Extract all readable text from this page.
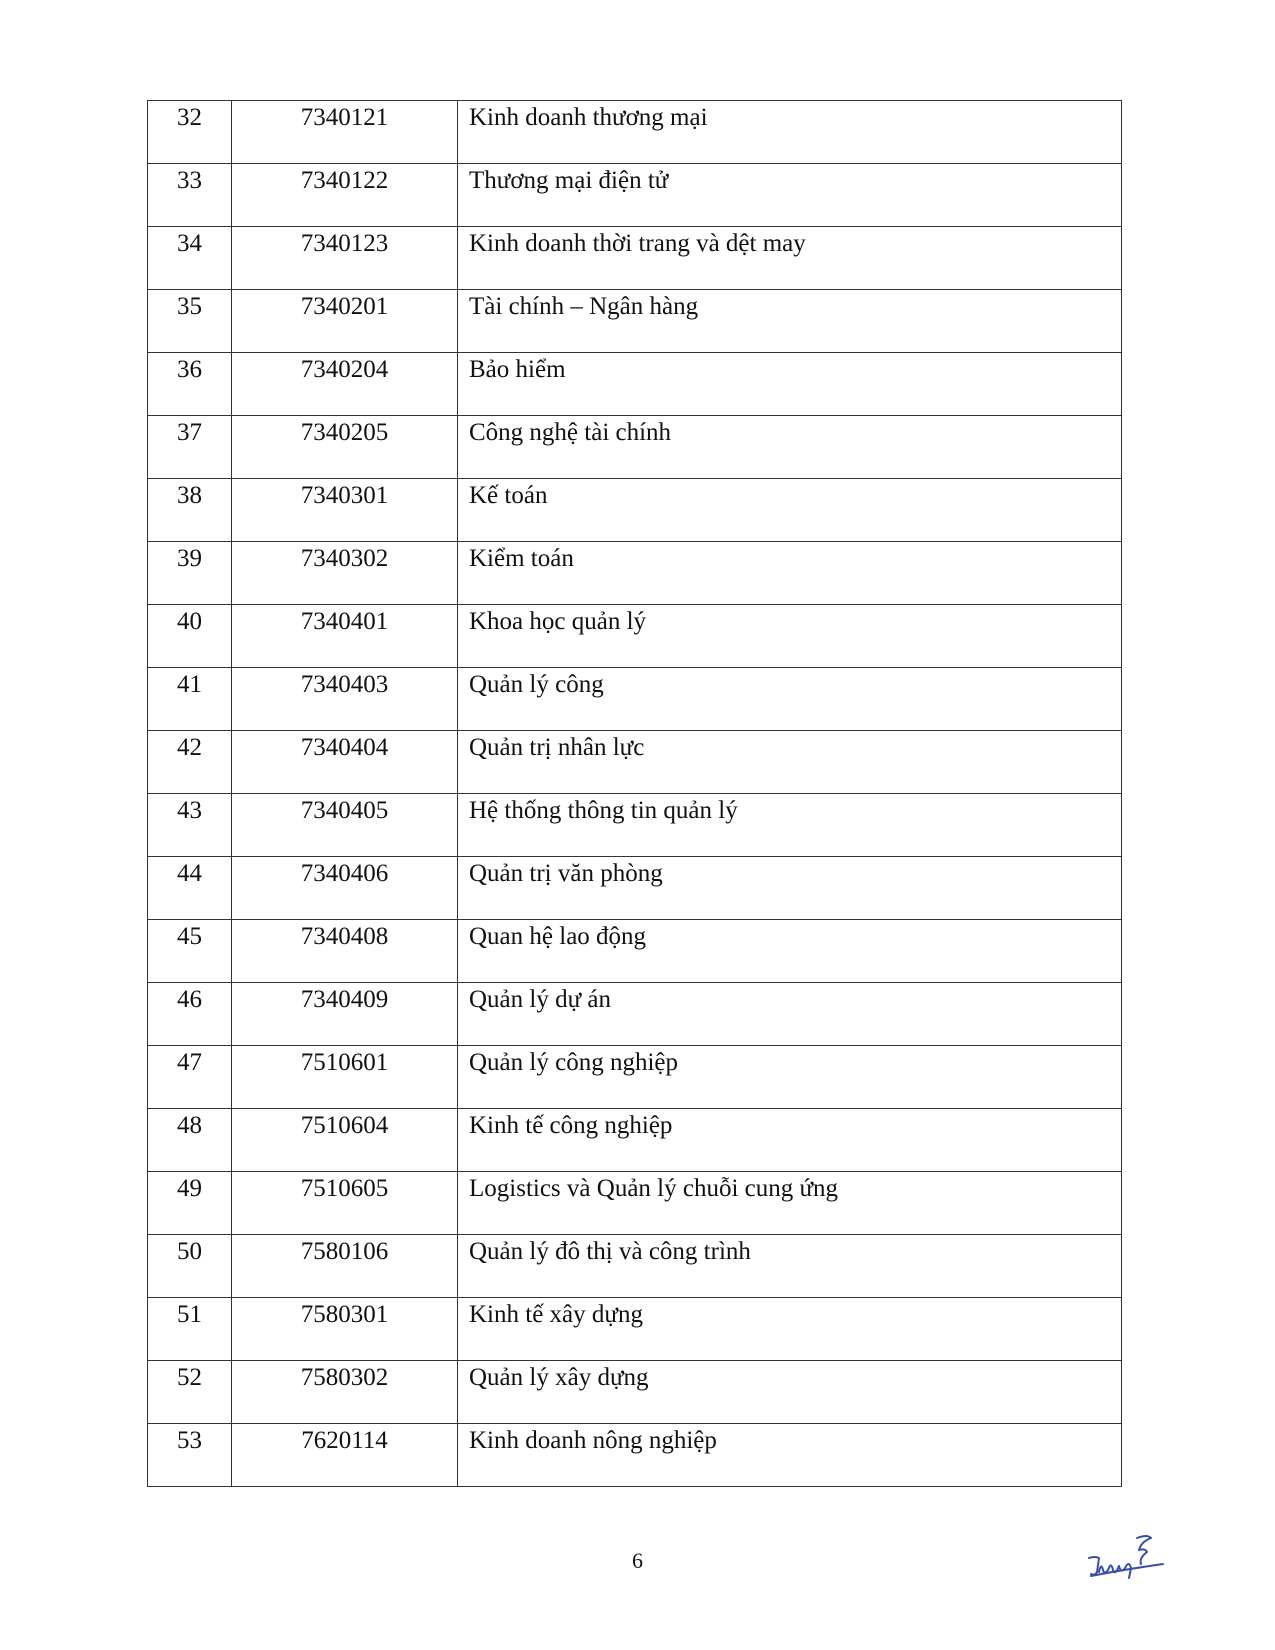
32	7340121	Kinh doanh thương mại
33	7340122	Thương mại điện tử
34	7340123	Kinh doanh thời trang và dệt may
35	7340201	Tài chính – Ngân hàng
36	7340204	Bảo hiểm
37	7340205	Công nghệ tài chính
38	7340301	Kế toán
39	7340302	Kiểm toán
40	7340401	Khoa học quản lý
41	7340403	Quản lý công
42	7340404	Quản trị nhân lực
43	7340405	Hệ thống thông tin quản lý
44	7340406	Quản trị văn phòng
45	7340408	Quan hệ lao động
46	7340409	Quản lý dự án
47	7510601	Quản lý công nghiệp
48	7510604	Kinh tế công nghiệp
49	7510605	Logistics và Quản lý chuỗi cung ứng
50	7580106	Quản lý đô thị và công trình
51	7580301	Kinh tế xây dựng
52	7580302	Quản lý xây dựng
53	7620114	Kinh doanh nông nghiệp
6
